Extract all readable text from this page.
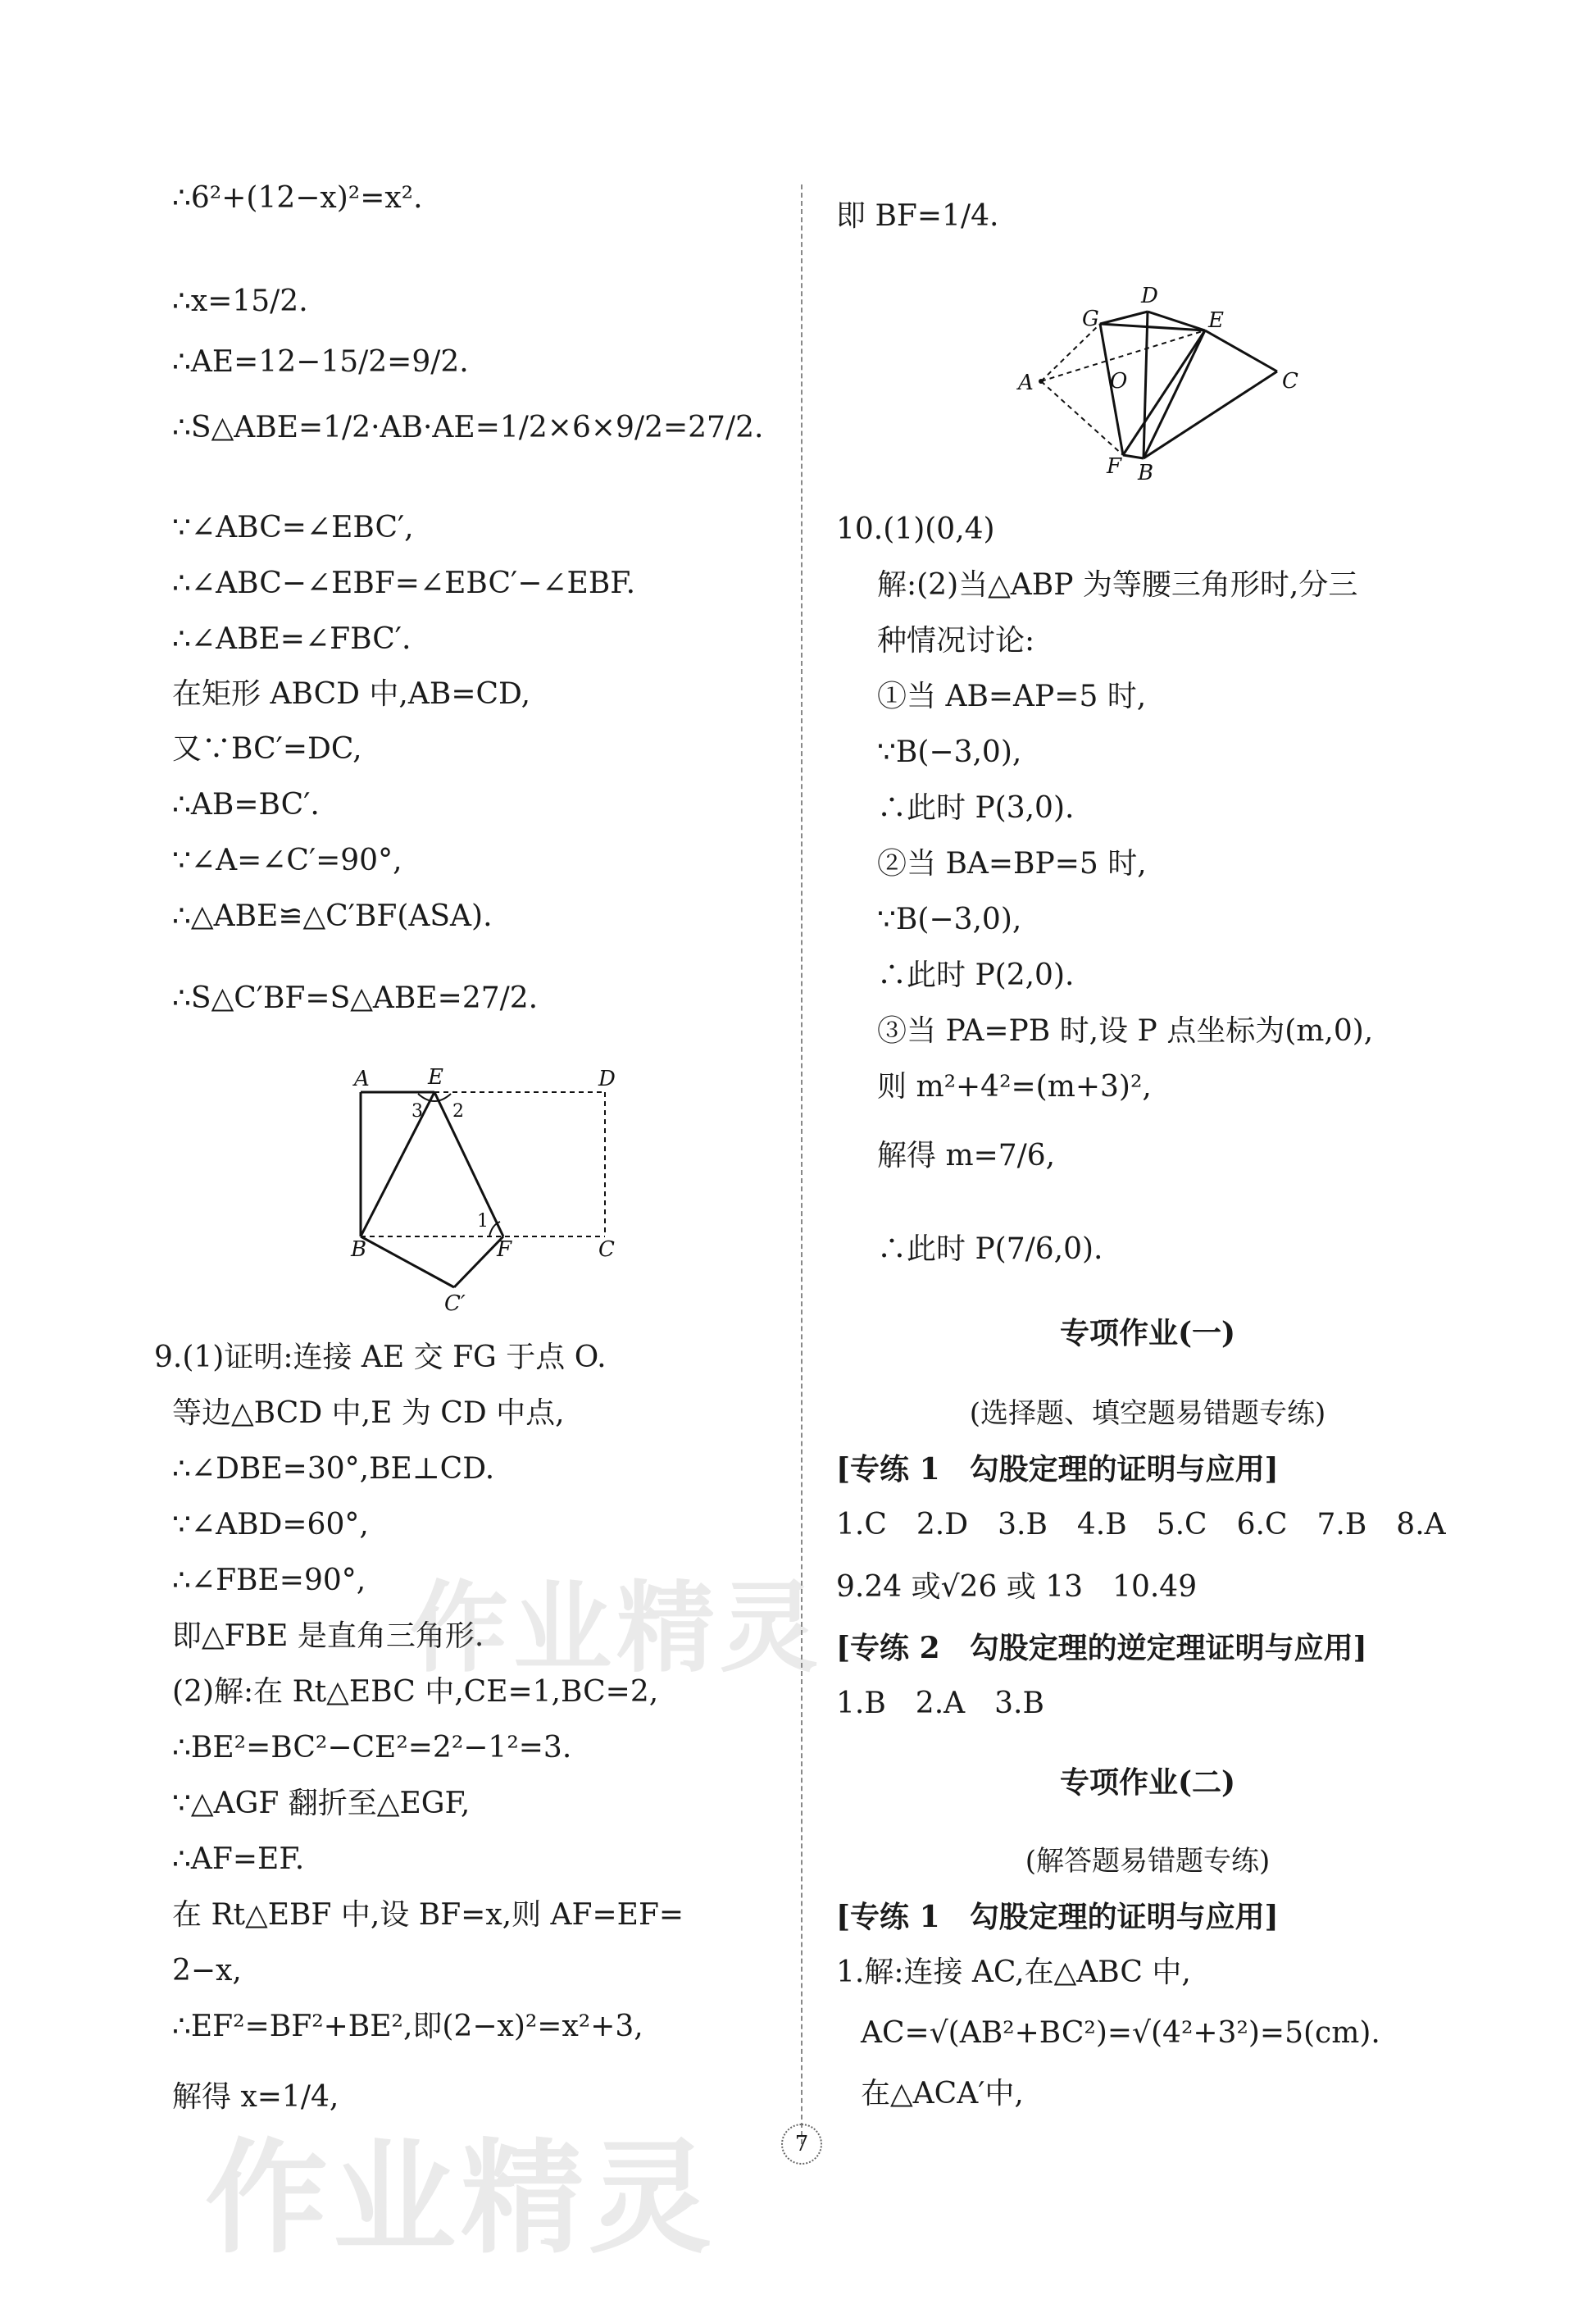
∴6²+(12−x)²=x².
∴x=15/2.
∴AE=12−15/2=9/2.
∴S△ABE=1/2·AB·AE=1/2×6×9/2=27/2.
∵∠ABC=∠EBC′,
∴∠ABC−∠EBF=∠EBC′−∠EBF.
∴∠ABE=∠FBC′.
在矩形 ABCD 中,AB=CD,
又∵BC′=DC,
∴AB=BC′.
∵∠A=∠C′=90°,
∴△ABE≌△C′BF(ASA).
∴S△C′BF=S△ABE=27/2.
A	E	D
B	F	C
C′
3 2
1
9.(1)证明:连接 AE 交 FG 于点 O.
等边△BCD 中,E 为 CD 中点,
∴∠DBE=30°,BE⊥CD.
∵∠ABD=60°,
∴∠FBE=90°,
即△FBE 是直角三角形.
(2)解:在 Rt△EBC 中,CE=1,BC=2,
∴BE²=BC²−CE²=2²−1²=3.
∵△AGF 翻折至△EGF,
∴AF=EF.
在 Rt△EBF 中,设 BF=x,则 AF=EF=
2−x,
∴EF²=BF²+BE²,即(2−x)²=x²+3,
解得 x=1/4,
即 BF=1/4.
D
G	E
A	O	C
F B
10.(1)(0,4)
解:(2)当△ABP 为等腰三角形时,分三
种情况讨论:
①当 AB=AP=5 时,
∵B(−3,0),
∴此时 P(3,0).
②当 BA=BP=5 时,
∵B(−3,0),
∴此时 P(2,0).
③当 PA=PB 时,设 P 点坐标为(m,0),
则 m²+4²=(m+3)²,
解得 m=7/6,
∴此时 P(7/6,0).
专项作业(一)
(选择题、填空题易错题专练)
[专练 1　勾股定理的证明与应用]
1.C　2.D　3.B　4.B　5.C　6.C　7.B　8.A
9.24 或√26 或 13　10.49
[专练 2　勾股定理的逆定理证明与应用]
1.B　2.A　3.B
专项作业(二)
(解答题易错题专练)
[专练 1　勾股定理的证明与应用]
1.解:连接 AC,在△ABC 中,
AC=√(AB²+BC²)=√(4²+3²)=5(cm).
在△ACA′中,
作业精灵
作业精灵	7
